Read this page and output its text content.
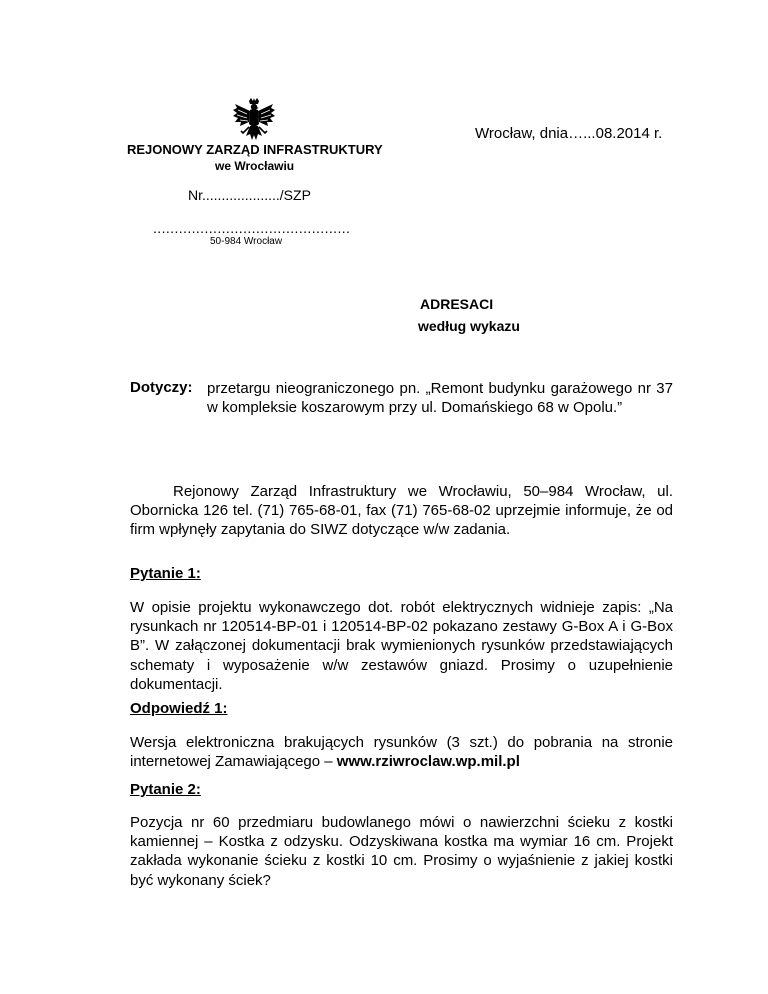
Wrocław, dnia…...08.2014 r.
REJONOWY ZARZĄD INFRASTRUKTURY
we Wrocławiu
Nr..................../SZP
..............................................
50-984 Wrocław
ADRESACI
według wykazu
Dotyczy: przetargu nieograniczonego pn. „Remont budynku garażowego nr 37 w kompleksie koszarowym przy ul. Domańskiego 68 w Opolu.”
Rejonowy Zarząd Infrastruktury we Wrocławiu, 50–984 Wrocław, ul. Obornicka 126 tel. (71) 765-68-01, fax (71) 765-68-02 uprzejmie informuje, że od firm wpłynęły zapytania do SIWZ dotyczące w/w zadania.
Pytanie 1:
W opisie projektu wykonawczego dot. robót elektrycznych widnieje zapis: „Na rysunkach nr 120514-BP-01 i 120514-BP-02 pokazano zestawy G-Box A i G-Box B”. W załączonej dokumentacji brak wymienionych rysunków przedstawiających schematy i wyposażenie w/w zestawów gniazd. Prosimy o uzupełnienie dokumentacji.
Odpowiedź 1:
Wersja elektroniczna brakujących rysunków (3 szt.) do pobrania na stronie internetowej Zamawiającego – www.rziwroclaw.wp.mil.pl
Pytanie 2:
Pozycja nr 60 przedmiaru budowlanego mówi o nawierzchni ścieku z kostki kamiennej – Kostka z odzysku. Odzyskiwana kostka ma wymiar 16 cm. Projekt zakłada wykonanie ścieku z kostki 10 cm. Prosimy o wyjaśnienie z jakiej kostki być wykonany ściek?
